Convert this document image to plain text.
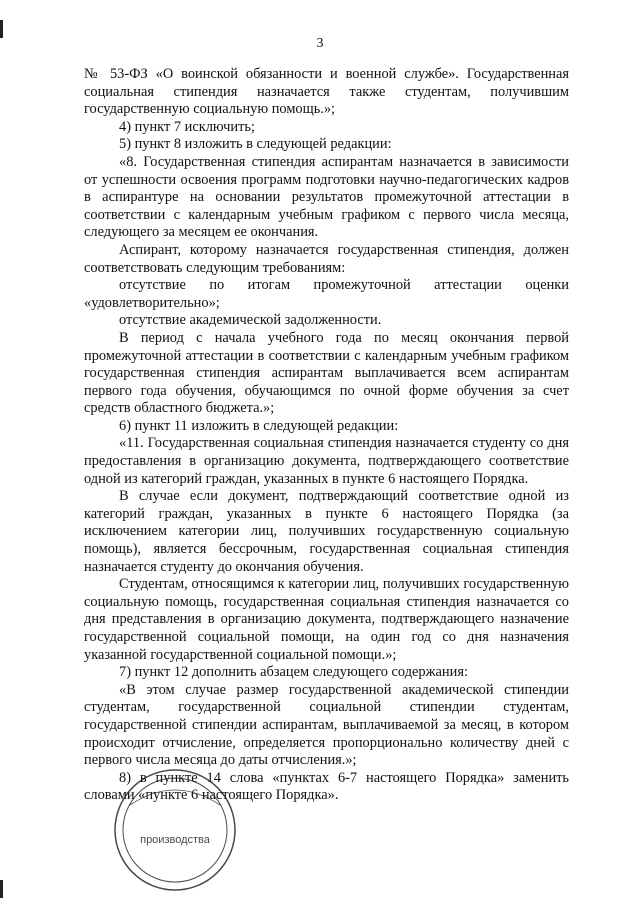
3

№ 53-ФЗ «О воинской обязанности и военной службе». Государственная социальная стипендия назначается также студентам, получившим государственную социальную помощь.»;

4) пункт 7 исключить;

5) пункт 8 изложить в следующей редакции:

«8. Государственная стипендия аспирантам назначается в зависимости от успешности освоения программ подготовки научно-педагогических кадров в аспирантуре на основании результатов промежуточной аттестации в соответствии с календарным учебным графиком с первого числа месяца, следующего за месяцем ее окончания.

Аспирант, которому назначается государственная стипендия, должен соответствовать следующим требованиям:

отсутствие по итогам промежуточной аттестации оценки «удовлетворительно»;

отсутствие академической задолженности.

В период с начала учебного года по месяц окончания первой промежуточной аттестации в соответствии с календарным учебным графиком государственная стипендия аспирантам выплачивается всем аспирантам первого года обучения, обучающимся по очной форме обучения за счет средств областного бюджета.»;

6) пункт 11 изложить в следующей редакции:

«11. Государственная социальная стипендия назначается студенту со дня предоставления в организацию документа, подтверждающего соответствие одной из категорий граждан, указанных в пункте 6 настоящего Порядка.

В случае если документ, подтверждающий соответствие одной из категорий граждан, указанных в пункте 6 настоящего Порядка (за исключением категории лиц, получивших государственную социальную помощь), является бессрочным, государственная социальная стипендия назначается студенту до окончания обучения.

Студентам, относящимся к категории лиц, получивших государственную социальную помощь, государственная социальная стипендия назначается со дня представления в организацию документа, подтверждающего назначение государственной социальной помощи, на один год со дня назначения указанной государственной социальной помощи.»;

7) пункт 12 дополнить абзацем следующего содержания:

«В этом случае размер государственной академической стипендии студентам, государственной социальной стипендии студентам, государственной стипендии аспирантам, выплачиваемой за месяц, в котором происходит отчисление, определяется пропорционально количеству дней с первого числа месяца до даты отчисления.»;

8) в пункте 14 слова «пунктах 6-7 настоящего Порядка» заменить словами «пункте 6 настоящего Порядка».

производства
